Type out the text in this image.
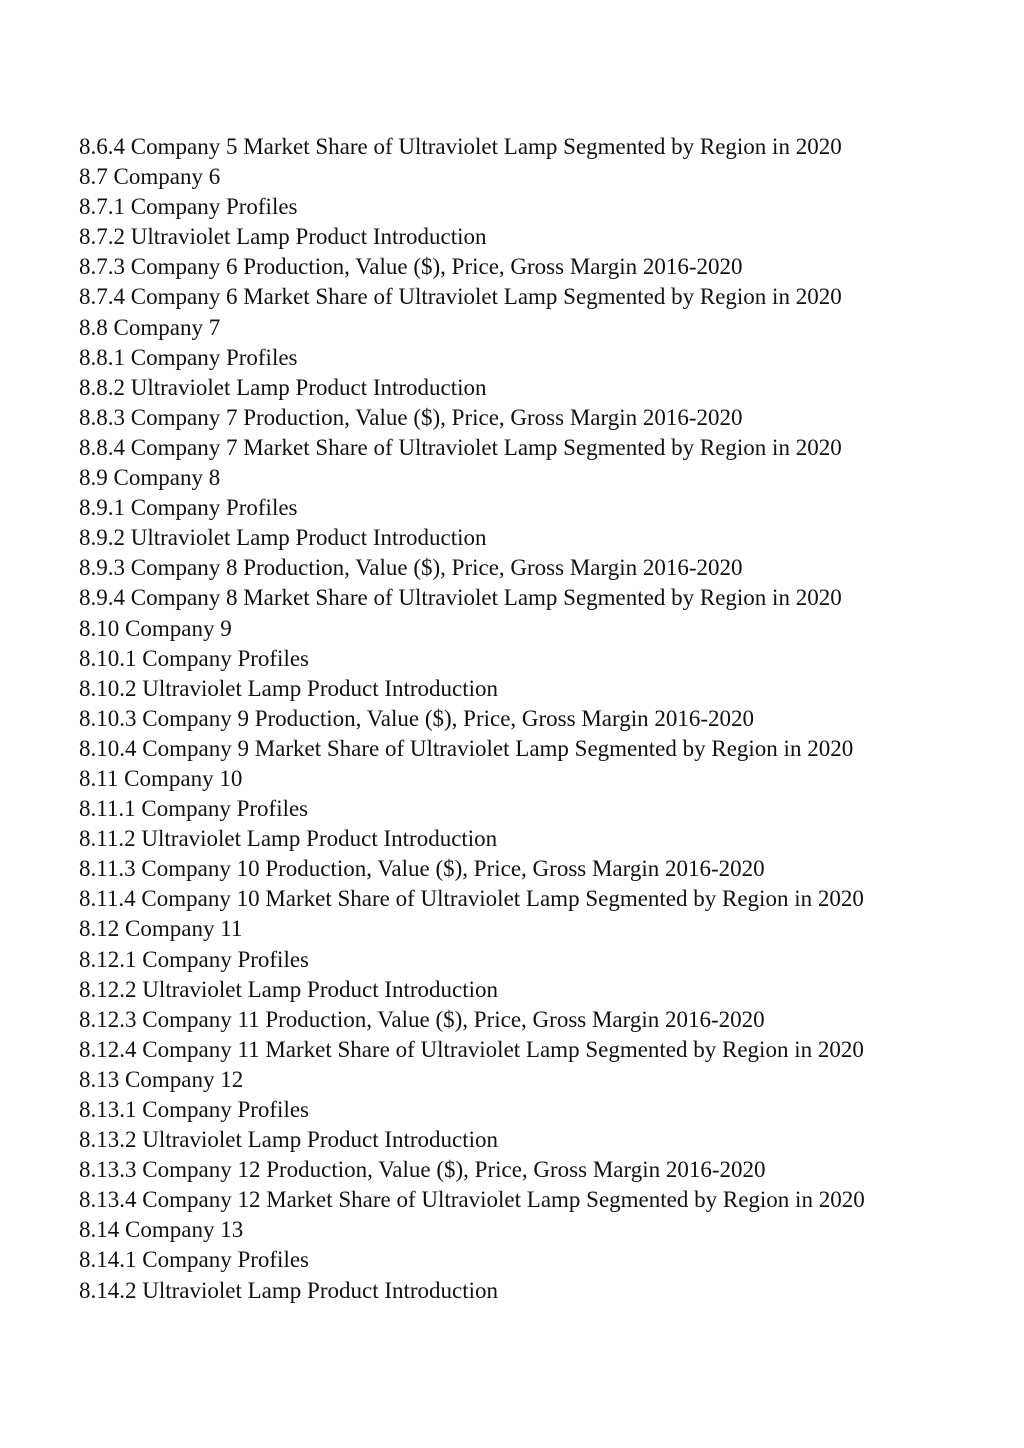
8.6.4 Company 5 Market Share of Ultraviolet Lamp Segmented by Region in 2020
8.7 Company 6
8.7.1 Company Profiles
8.7.2 Ultraviolet Lamp Product Introduction
8.7.3 Company 6 Production, Value ($), Price, Gross Margin 2016-2020
8.7.4 Company 6 Market Share of Ultraviolet Lamp Segmented by Region in 2020
8.8 Company 7
8.8.1 Company Profiles
8.8.2 Ultraviolet Lamp Product Introduction
8.8.3 Company 7 Production, Value ($), Price, Gross Margin 2016-2020
8.8.4 Company 7 Market Share of Ultraviolet Lamp Segmented by Region in 2020
8.9 Company 8
8.9.1 Company Profiles
8.9.2 Ultraviolet Lamp Product Introduction
8.9.3 Company 8 Production, Value ($), Price, Gross Margin 2016-2020
8.9.4 Company 8 Market Share of Ultraviolet Lamp Segmented by Region in 2020
8.10 Company 9
8.10.1 Company Profiles
8.10.2 Ultraviolet Lamp Product Introduction
8.10.3 Company 9 Production, Value ($), Price, Gross Margin 2016-2020
8.10.4 Company 9 Market Share of Ultraviolet Lamp Segmented by Region in 2020
8.11 Company 10
8.11.1 Company Profiles
8.11.2 Ultraviolet Lamp Product Introduction
8.11.3 Company 10 Production, Value ($), Price, Gross Margin 2016-2020
8.11.4 Company 10 Market Share of Ultraviolet Lamp Segmented by Region in 2020
8.12 Company 11
8.12.1 Company Profiles
8.12.2 Ultraviolet Lamp Product Introduction
8.12.3 Company 11 Production, Value ($), Price, Gross Margin 2016-2020
8.12.4 Company 11 Market Share of Ultraviolet Lamp Segmented by Region in 2020
8.13 Company 12
8.13.1 Company Profiles
8.13.2 Ultraviolet Lamp Product Introduction
8.13.3 Company 12 Production, Value ($), Price, Gross Margin 2016-2020
8.13.4 Company 12 Market Share of Ultraviolet Lamp Segmented by Region in 2020
8.14 Company 13
8.14.1 Company Profiles
8.14.2 Ultraviolet Lamp Product Introduction
